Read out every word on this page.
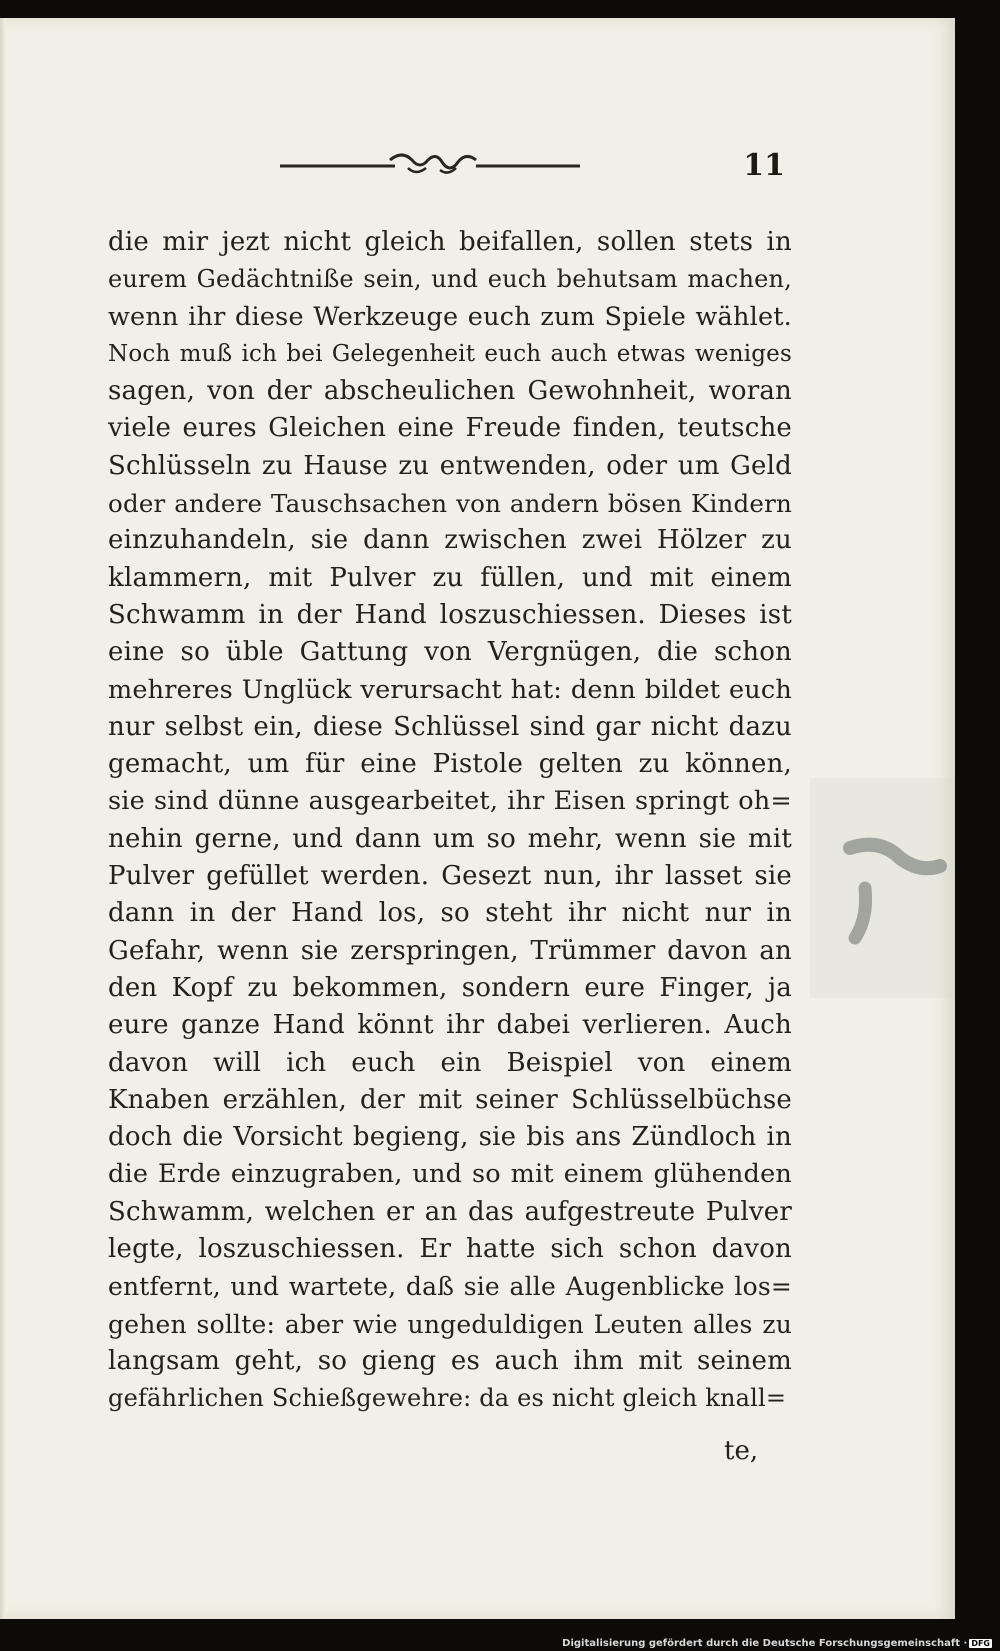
11
die mir jezt nicht gleich beifallen, sollen stets in
eurem Gedächtniße sein, und euch behutsam machen,
wenn ihr diese Werkzeuge euch zum Spiele wählet.
Noch muß ich bei Gelegenheit euch auch etwas weniges
sagen, von der abscheulichen Gewohnheit, woran
viele eures Gleichen eine Freude finden, teutsche
Schlüsseln zu Hause zu entwenden, oder um Geld
oder andere Tauschsachen von andern bösen Kindern
einzuhandeln, sie dann zwischen zwei Hölzer zu
klammern, mit Pulver zu füllen, und mit einem
Schwamm in der Hand loszuschiessen. Dieses ist
eine so üble Gattung von Vergnügen, die schon
mehreres Unglück verursacht hat: denn bildet euch
nur selbst ein, diese Schlüssel sind gar nicht dazu
gemacht, um für eine Pistole gelten zu können,
sie sind dünne ausgearbeitet, ihr Eisen springt oh=
nehin gerne, und dann um so mehr, wenn sie mit
Pulver gefüllet werden. Gesezt nun, ihr lasset sie
dann in der Hand los, so steht ihr nicht nur in
Gefahr, wenn sie zerspringen, Trümmer davon an
den Kopf zu bekommen, sondern eure Finger, ja
eure ganze Hand könnt ihr dabei verlieren. Auch
davon will ich euch ein Beispiel von einem
Knaben erzählen, der mit seiner Schlüsselbüchse
doch die Vorsicht begieng, sie bis ans Zündloch in
die Erde einzugraben, und so mit einem glühenden
Schwamm, welchen er an das aufgestreute Pulver
legte, loszuschiessen. Er hatte sich schon davon
entfernt, und wartete, daß sie alle Augenblicke los=
gehen sollte: aber wie ungeduldigen Leuten alles zu
langsam geht, so gieng es auch ihm mit seinem
gefährlichen Schießgewehre: da es nicht gleich knall=
te,
Digitalisierung gefördert durch die Deutsche Forschungsgemeinschaft · DFG
